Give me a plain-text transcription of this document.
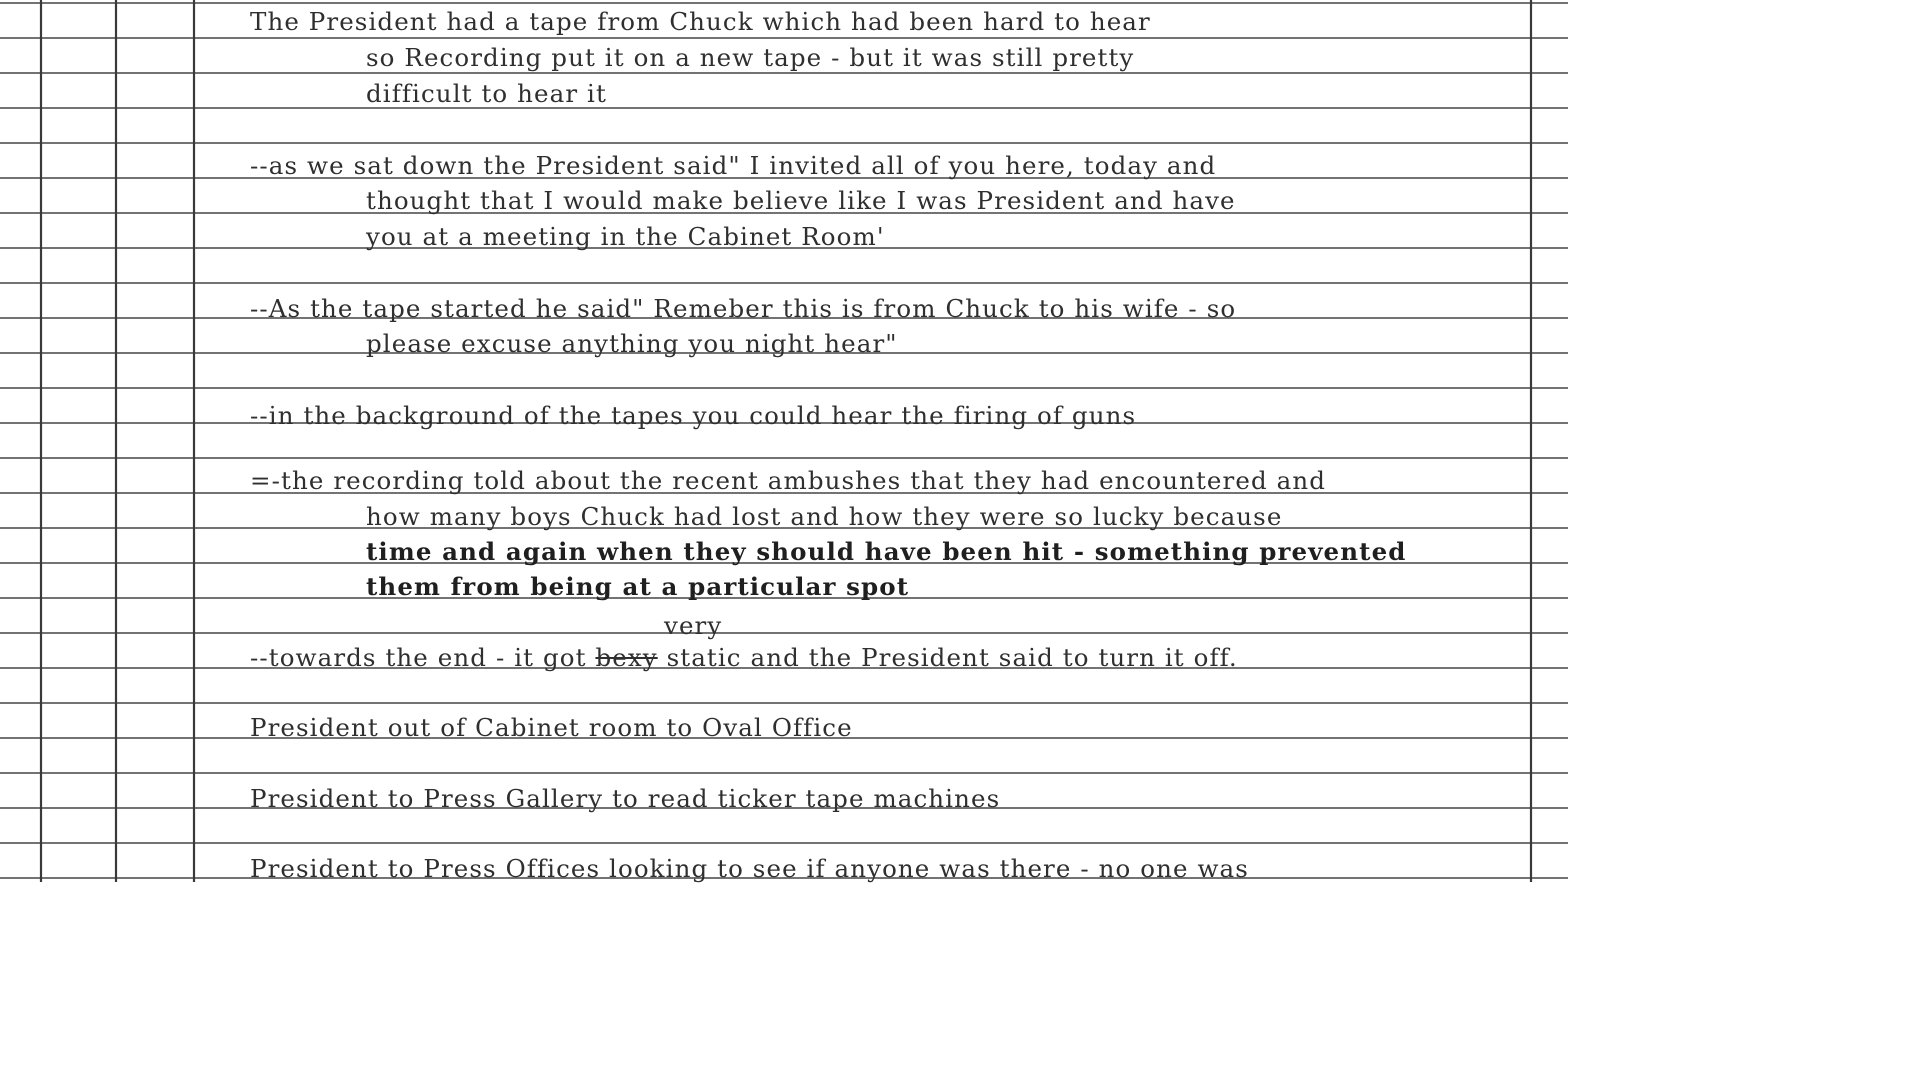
The President had a tape from Chuck which had been hard to hear
so Recording put it on a new tape - but it was still pretty
difficult to hear it
--as we sat down the President said" I invited all of you here, today and
thought that I would make believe like I was President and have
you at a meeting in the Cabinet Room'
--As the tape started he said" Remeber this is from Chuck to his wife - so
please excuse anything you night hear"
--in the background of the tapes you could hear the firing of guns
=-the recording told about the recent ambushes that they had encountered and
how many boys Chuck had lost and how they were so lucky because
time and again when they should have been hit - something prevented
them from being at a particular spot
very
--towards the end - it got bexy static and the President said to turn it off.
President out of Cabinet room to Oval Office
President to Press Gallery to read ticker tape machines
President to Press Offices looking to see if anyone was there - no one was
